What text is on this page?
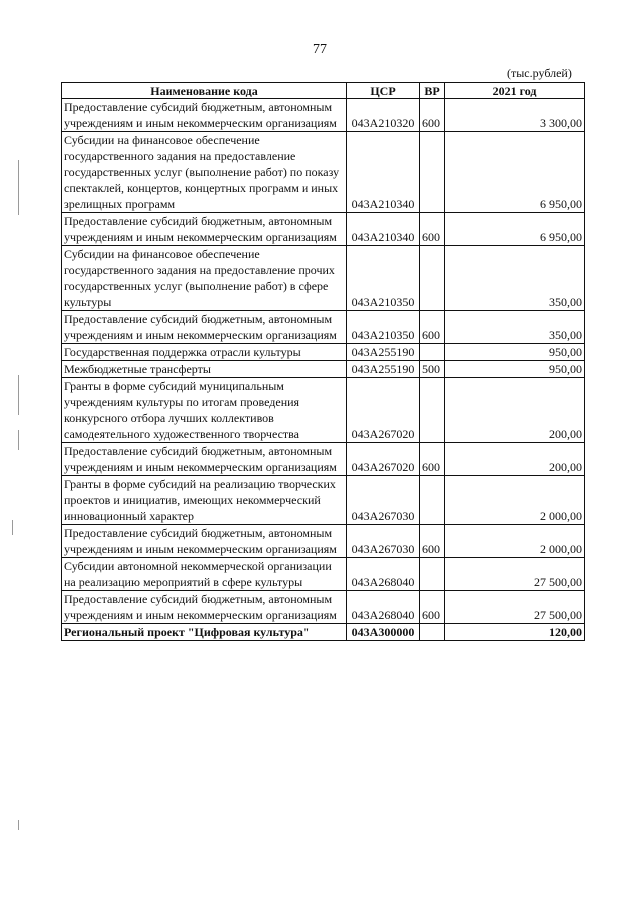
77
(тыс.рублей)
Наименование кода	ЦСР	ВР	2021 год
Предоставление субсидий бюджетным, автономным учреждениям и иным некоммерческим организациям	043A210320	600	3 300,00
Субсидии на финансовое обеспечение государственного задания на предоставление государственных услуг (выполнение работ) по показу спектаклей, концертов, концертных программ и иных зрелищных программ	043A210340		6 950,00
Предоставление субсидий бюджетным, автономным учреждениям и иным некоммерческим организациям	043A210340	600	6 950,00
Субсидии на финансовое обеспечение государственного задания на предоставление прочих государственных услуг (выполнение работ) в сфере культуры	043A210350		350,00
Предоставление субсидий бюджетным, автономным учреждениям и иным некоммерческим организациям	043A210350	600	350,00
Государственная поддержка отрасли культуры	043A255190		950,00
Межбюджетные трансферты	043A255190	500	950,00
Гранты в форме субсидий муниципальным учреждениям культуры по итогам проведения конкурсного отбора лучших коллективов самодеятельного художественного творчества	043A267020		200,00
Предоставление субсидий бюджетным, автономным учреждениям и иным некоммерческим организациям	043A267020	600	200,00
Гранты в форме субсидий на реализацию творческих проектов и инициатив, имеющих некоммерческий инновационный характер	043A267030		2 000,00
Предоставление субсидий бюджетным, автономным учреждениям и иным некоммерческим организациям	043A267030	600	2 000,00
Субсидии автономной некоммерческой организации на реализацию мероприятий в сфере культуры	043A268040		27 500,00
Предоставление субсидий бюджетным, автономным учреждениям и иным некоммерческим организациям	043A268040	600	27 500,00
Региональный проект "Цифровая культура"	043A300000		120,00
